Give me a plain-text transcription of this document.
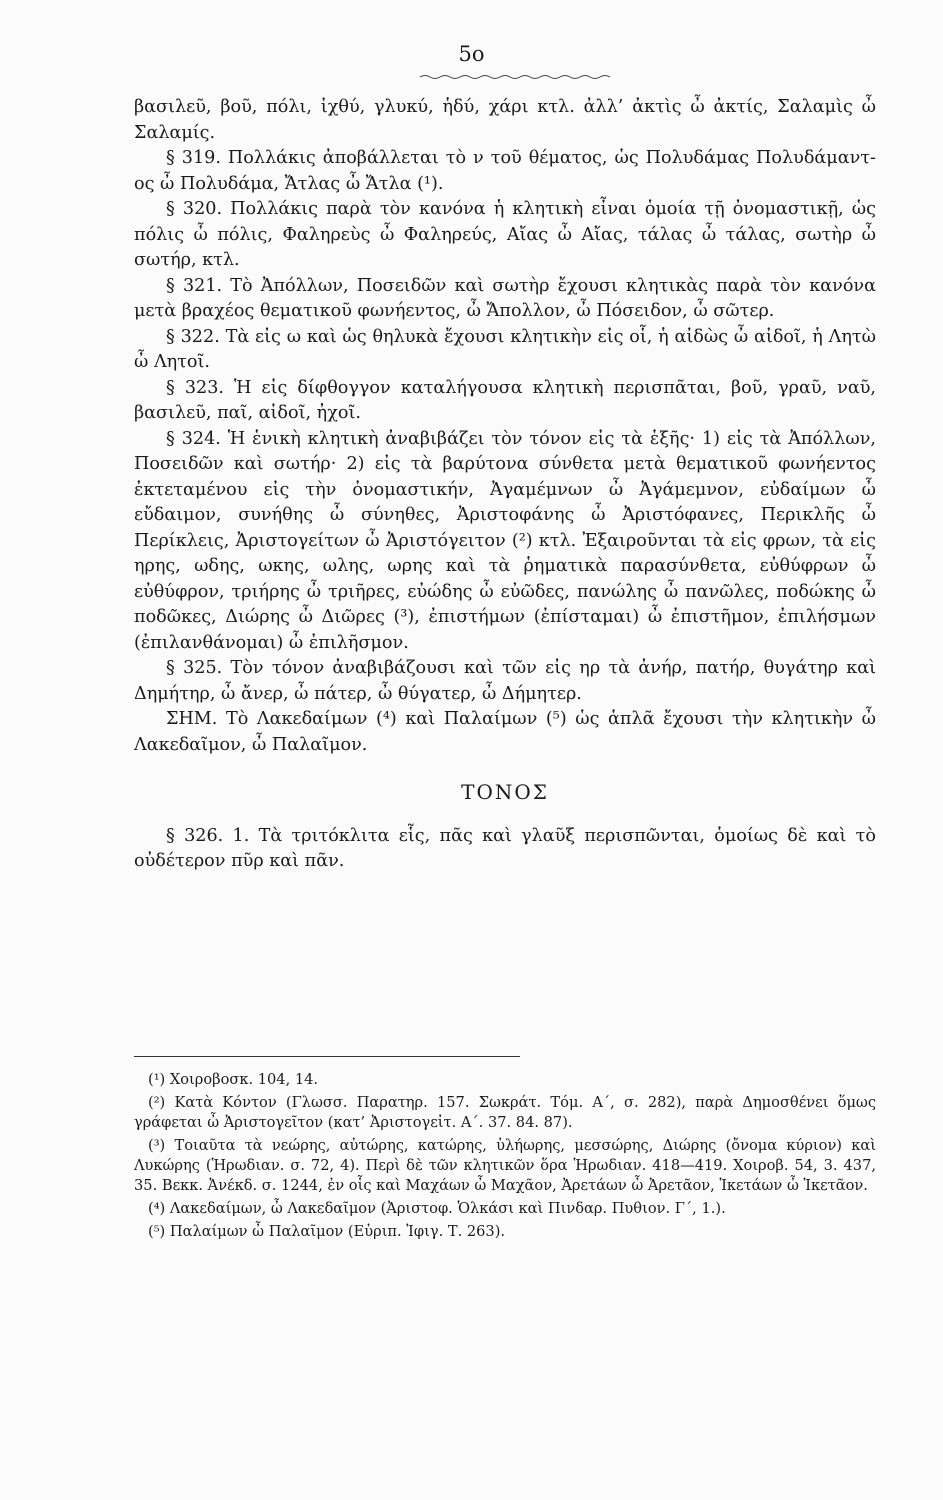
5o

βασιλεῦ, βοῦ, πόλι, ἰχθύ, γλυκύ, ἡδύ, χάρι κτλ. ἀλλ’ ἀκτὶς ὦ ἀκτίς, Σαλαμὶς ὦ Σαλαμίς.

§ 319. Πολλάκις ἀποβάλλεται τὸ ν τοῦ θέματος, ὡς Πολυδάμας Πολυδάμαντ-ος ὦ Πολυδάμα, Ἄτλας ὦ Ἄτλα (¹).

§ 320. Πολλάκις παρὰ τὸν κανόνα ἡ κλητικὴ εἶναι ὁμοία τῇ ὀνομαστικῇ, ὡς πόλις ὦ πόλις, Φαληρεὺς ὦ Φαληρεύς, Αἴας ὦ Αἴας, τάλας ὦ τάλας, σωτὴρ ὦ σωτήρ, κτλ.

§ 321. Τὸ Ἀπόλλων, Ποσειδῶν καὶ σωτὴρ ἔχουσι κλητικὰς παρὰ τὸν κανόνα μετὰ βραχέος θεματικοῦ φωνήεντος, ὦ Ἄπολλον, ὦ Πόσειδον, ὦ σῶτερ.

§ 322. Τὰ εἰς ω καὶ ὡς θηλυκὰ ἔχουσι κλητικὴν εἰς οἷ, ἡ αἰδὼς ὦ αἰδοῖ, ἡ Λητὼ ὦ Λητοῖ.

§ 323. Ἡ εἰς δίφθογγον καταλήγουσα κλητικὴ περισπᾶται, βοῦ, γραῦ, ναῦ, βασιλεῦ, παῖ, αἰδοῖ, ἠχοῖ.

§ 324. Ἡ ἑνικὴ κλητικὴ ἀναβιβάζει τὸν τόνον εἰς τὰ ἑξῆς· 1) εἰς τὰ Ἀπόλλων, Ποσειδῶν καὶ σωτήρ· 2) εἰς τὰ βαρύτονα σύνθετα μετὰ θεματικοῦ φωνήεντος ἐκτεταμένου εἰς τὴν ὀνομαστικήν, Ἀγαμέμνων ὦ Ἀγάμεμνον, εὐδαίμων ὦ εὔδαιμον, συνήθης ὦ σύνηθες, Ἀριστοφάνης ὦ Ἀριστόφανες, Περικλῆς ὦ Περίκλεις, Ἀριστογείτων ὦ Ἀριστόγειτον (²) κτλ. Ἐξαιροῦνται τὰ εἰς φρων, τὰ εἰς ηρης, ωδης, ωκης, ωλης, ωρης καὶ τὰ ῥηματικὰ παρασύνθετα, εὐθύφρων ὦ εὐθύφρον, τριήρης ὦ τριῆρες, εὐώδης ὦ εὐῶδες, πανώλης ὦ πανῶλες, ποδώκης ὦ ποδῶκες, Διώρης ὦ Διῶρες (³), ἐπιστήμων (ἐπίσταμαι) ὦ ἐπιστῆμον, ἐπιλήσμων (ἐπιλανθάνομαι) ὦ ἐπιλῆσμον.

§ 325. Τὸν τόνον ἀναβιβάζουσι καὶ τῶν εἰς ηρ τὰ ἀνήρ, πατήρ, θυγάτηρ καὶ Δημήτηρ, ὦ ἄνερ, ὦ πάτερ, ὦ θύγατερ, ὦ Δήμητερ.

ΣΗΜ. Τὸ Λακεδαίμων (⁴) καὶ Παλαίμων (⁵) ὡς ἁπλᾶ ἔχουσι τὴν κλητικὴν ὦ Λακεδαῖμον, ὦ Παλαῖμον.

ΤΟΝΟΣ

§ 326. 1. Τὰ τριτόκλιτα εἷς, πᾶς καὶ γλαῦξ περισπῶνται, ὁμοίως δὲ καὶ τὸ οὐδέτερον πῦρ καὶ πᾶν.

(¹) Χοιροβοσκ. 104, 14.

(²) Κατὰ Κόντον (Γλωσσ. Παρατηρ. 157. Σωκράτ. Τόμ. Α΄, σ. 282), παρὰ Δημοσθένει ὅμως γράφεται ὦ Ἀριστογεῖτον (κατ’ Ἀριστογεἰτ. Α΄. 37. 84. 87).

(³) Τοιαῦτα τὰ νεώρης, αὐτώρης, κατώρης, ὑλήωρης, μεσσώρης, Διώρης (ὄνομα κύριον) καὶ Λυκώρης (Ἡρωδιαν. σ. 72, 4). Περὶ δὲ τῶν κλητικῶν ὅρα Ἡρωδιαν. 418—419. Χοιροβ. 54, 3. 437, 35. Βεκκ. Ἀνέκδ. σ. 1244, ἐν οἷς καὶ Μαχάων ὦ Μαχᾶον, Ἀρετάων ὦ Ἀρετᾶον, Ἱκετάων ὦ Ἱκετᾶον.

(⁴) Λακεδαίμων, ὦ Λακεδαῖμον (Ἀριστοφ. Ὁλκάσι καὶ Πινδαρ. Πυθιον. Γ΄, 1.).

(⁵) Παλαίμων ὦ Παλαῖμον (Εὐριπ. Ἰφιγ. Τ. 263).
